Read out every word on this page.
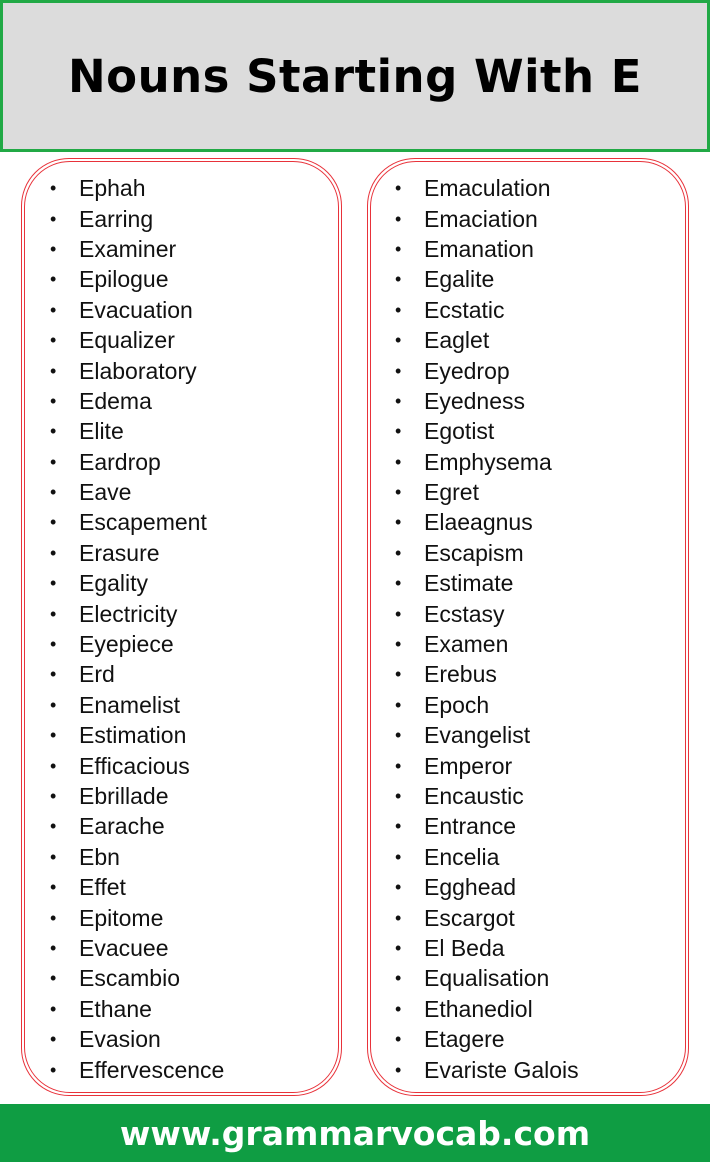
Nouns Starting With E
• Ephah
• Earring
• Examiner
• Epilogue
• Evacuation
• Equalizer
• Elaboratory
• Edema
• Elite
• Eardrop
• Eave
• Escapement
• Erasure
• Egality
• Electricity
• Eyepiece
• Erd
• Enamelist
• Estimation
• Efficacious
• Ebrillade
• Earache
• Ebn
• Effet
• Epitome
• Evacuee
• Escambio
• Ethane
• Evasion
• Effervescence
• Emaculation
• Emaciation
• Emanation
• Egalite
• Ecstatic
• Eaglet
• Eyedrop
• Eyedness
• Egotist
• Emphysema
• Egret
• Elaeagnus
• Escapism
• Estimate
• Ecstasy
• Examen
• Erebus
• Epoch
• Evangelist
• Emperor
• Encaustic
• Entrance
• Encelia
• Egghead
• Escargot
• El Beda
• Equalisation
• Ethanediol
• Etagere
• Evariste Galois
www.grammarvocab.com
